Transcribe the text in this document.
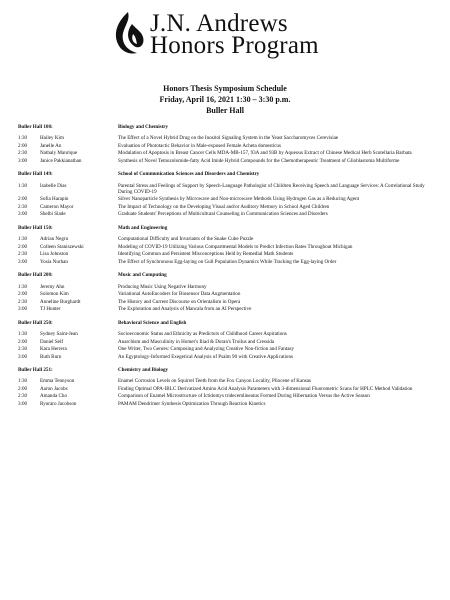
J.N. Andrews
Honors Program
Honors Thesis Symposium Schedule
Friday, April 16, 2021 1:30 – 3:30 p.m.
Buller Hall
Buller Hall 108:	Biology and Chemistry
1:30	Hailey Kim	The Effect of a Novel Hybrid Drug on the Inositol Signaling System in the Yeast Saccharomyces Cerevisiae
2:00	Janelle An	Evaluation of Phototactic Behavior in Male-exposed Female Acheta domesticus
2:30	Nathaly Manrique	Modulation of Apoptosis in Breast Cancer Cells MDA-MB-157, 93A and 93B by Aqueous Extract of Chinese Medical Herb Scutellaria Barbata
3:00	Janice Pakkianathan	Synthesis of Novel Temozolomide-fatty Acid Imide Hybrid Compounds for the Chemotherapeutic Treatment of Glioblastoma Multiforme
Buller Hall 149:	School of Communication Sciences and Disorders and Chemistry
1:30	Isabelle Dias	Parental Stress and Feelings of Support by Speech-Language Pathologist of Children Receiving Speech and Language Services: A Correlational Study During COVID-19
2:00	Sofia Harapin	Silver Nanoparticle Synthesis by Microwave and Non-microwave Methods Using Hydrogen Gas as a Reducing Agent
2:30	Cameron Mayor	The Impact of Technology on the Developing Visual and/or Auditory Memory in School Aged Children
3:00	Shelbi Slade	Graduate Students' Perceptions of Multicultural Counseling in Communication Sciences and Disorders
Buller Hall 150:	Math and Engineering
1:30	Adrian Negru	Computational Difficulty and Invariants of the Snake Cube Puzzle
2:00	Colleen Staniszewski	Modeling of COVID-19 Utilizing Various Compartmental Models to Predict Infection Rates Throughout Michigan
2:30	Lisa Johnston	Identifying Common and Persistent Misconceptions Held by Remedial Math Students
3:00	Yosia Nurhan	The Effect of Synchronous Egg-laying on Gull Population Dynamics While Tracking the Egg-laying Order
Buller Hall 208:	Music and Computing
1:30	Jeremy Ahn	Producing Music Using Negative Harmony
2:00	Solomon Kim	Variational AutoEncoders for Biosensor Data Augmentation
2:30	Anneline Burghardt	The History and Current Discourse on Orientalism in Opera
3:00	TJ Hunter	The Exploration and Analysis of Mancala from an AI Perspective
Buller Hall 250:	Behavioral Science and English
1:30	Sydney Saint-Jean	Socioeconomic Status and Ethnicity as Predictors of Childhood Career Aspirations
2:00	Daniel Self	Anarchism and Masculinity in Homer's Iliad & Doran's Troilus and Cressida
2:30	Kara Herrera	One Writer, Two Genres: Composing and Analyzing Creative Non-fiction and Fantasy
3:00	Ruth Burn	An Egyptology-Informed Exegetical Analysis of Psalm 90 with Creative Applications
Buller Hall 251:	Chemistry and Biology
1:30	Emma Tennyson	Enamel Corrosion Levels on Squirrel Teeth from the Fox Canyon Locality, Pliocene of Kansas
2:00	Aaron Jacobs	Finding Optimal OPA-IBLC Derivatized Amino Acid Analysis Parameters with 3-dimensional Fluorometric Scans for HPLC Method Validation
2:30	Amanda Cho	Comparison of Enamel Microstructure of Ictidomys tridecemlineatus Formed During Hibernation Versus the Active Season
3:00	Ryuraro Jacobson	PAMAM Dendrimer Synthesis Optimization Through Reaction Kinetics
